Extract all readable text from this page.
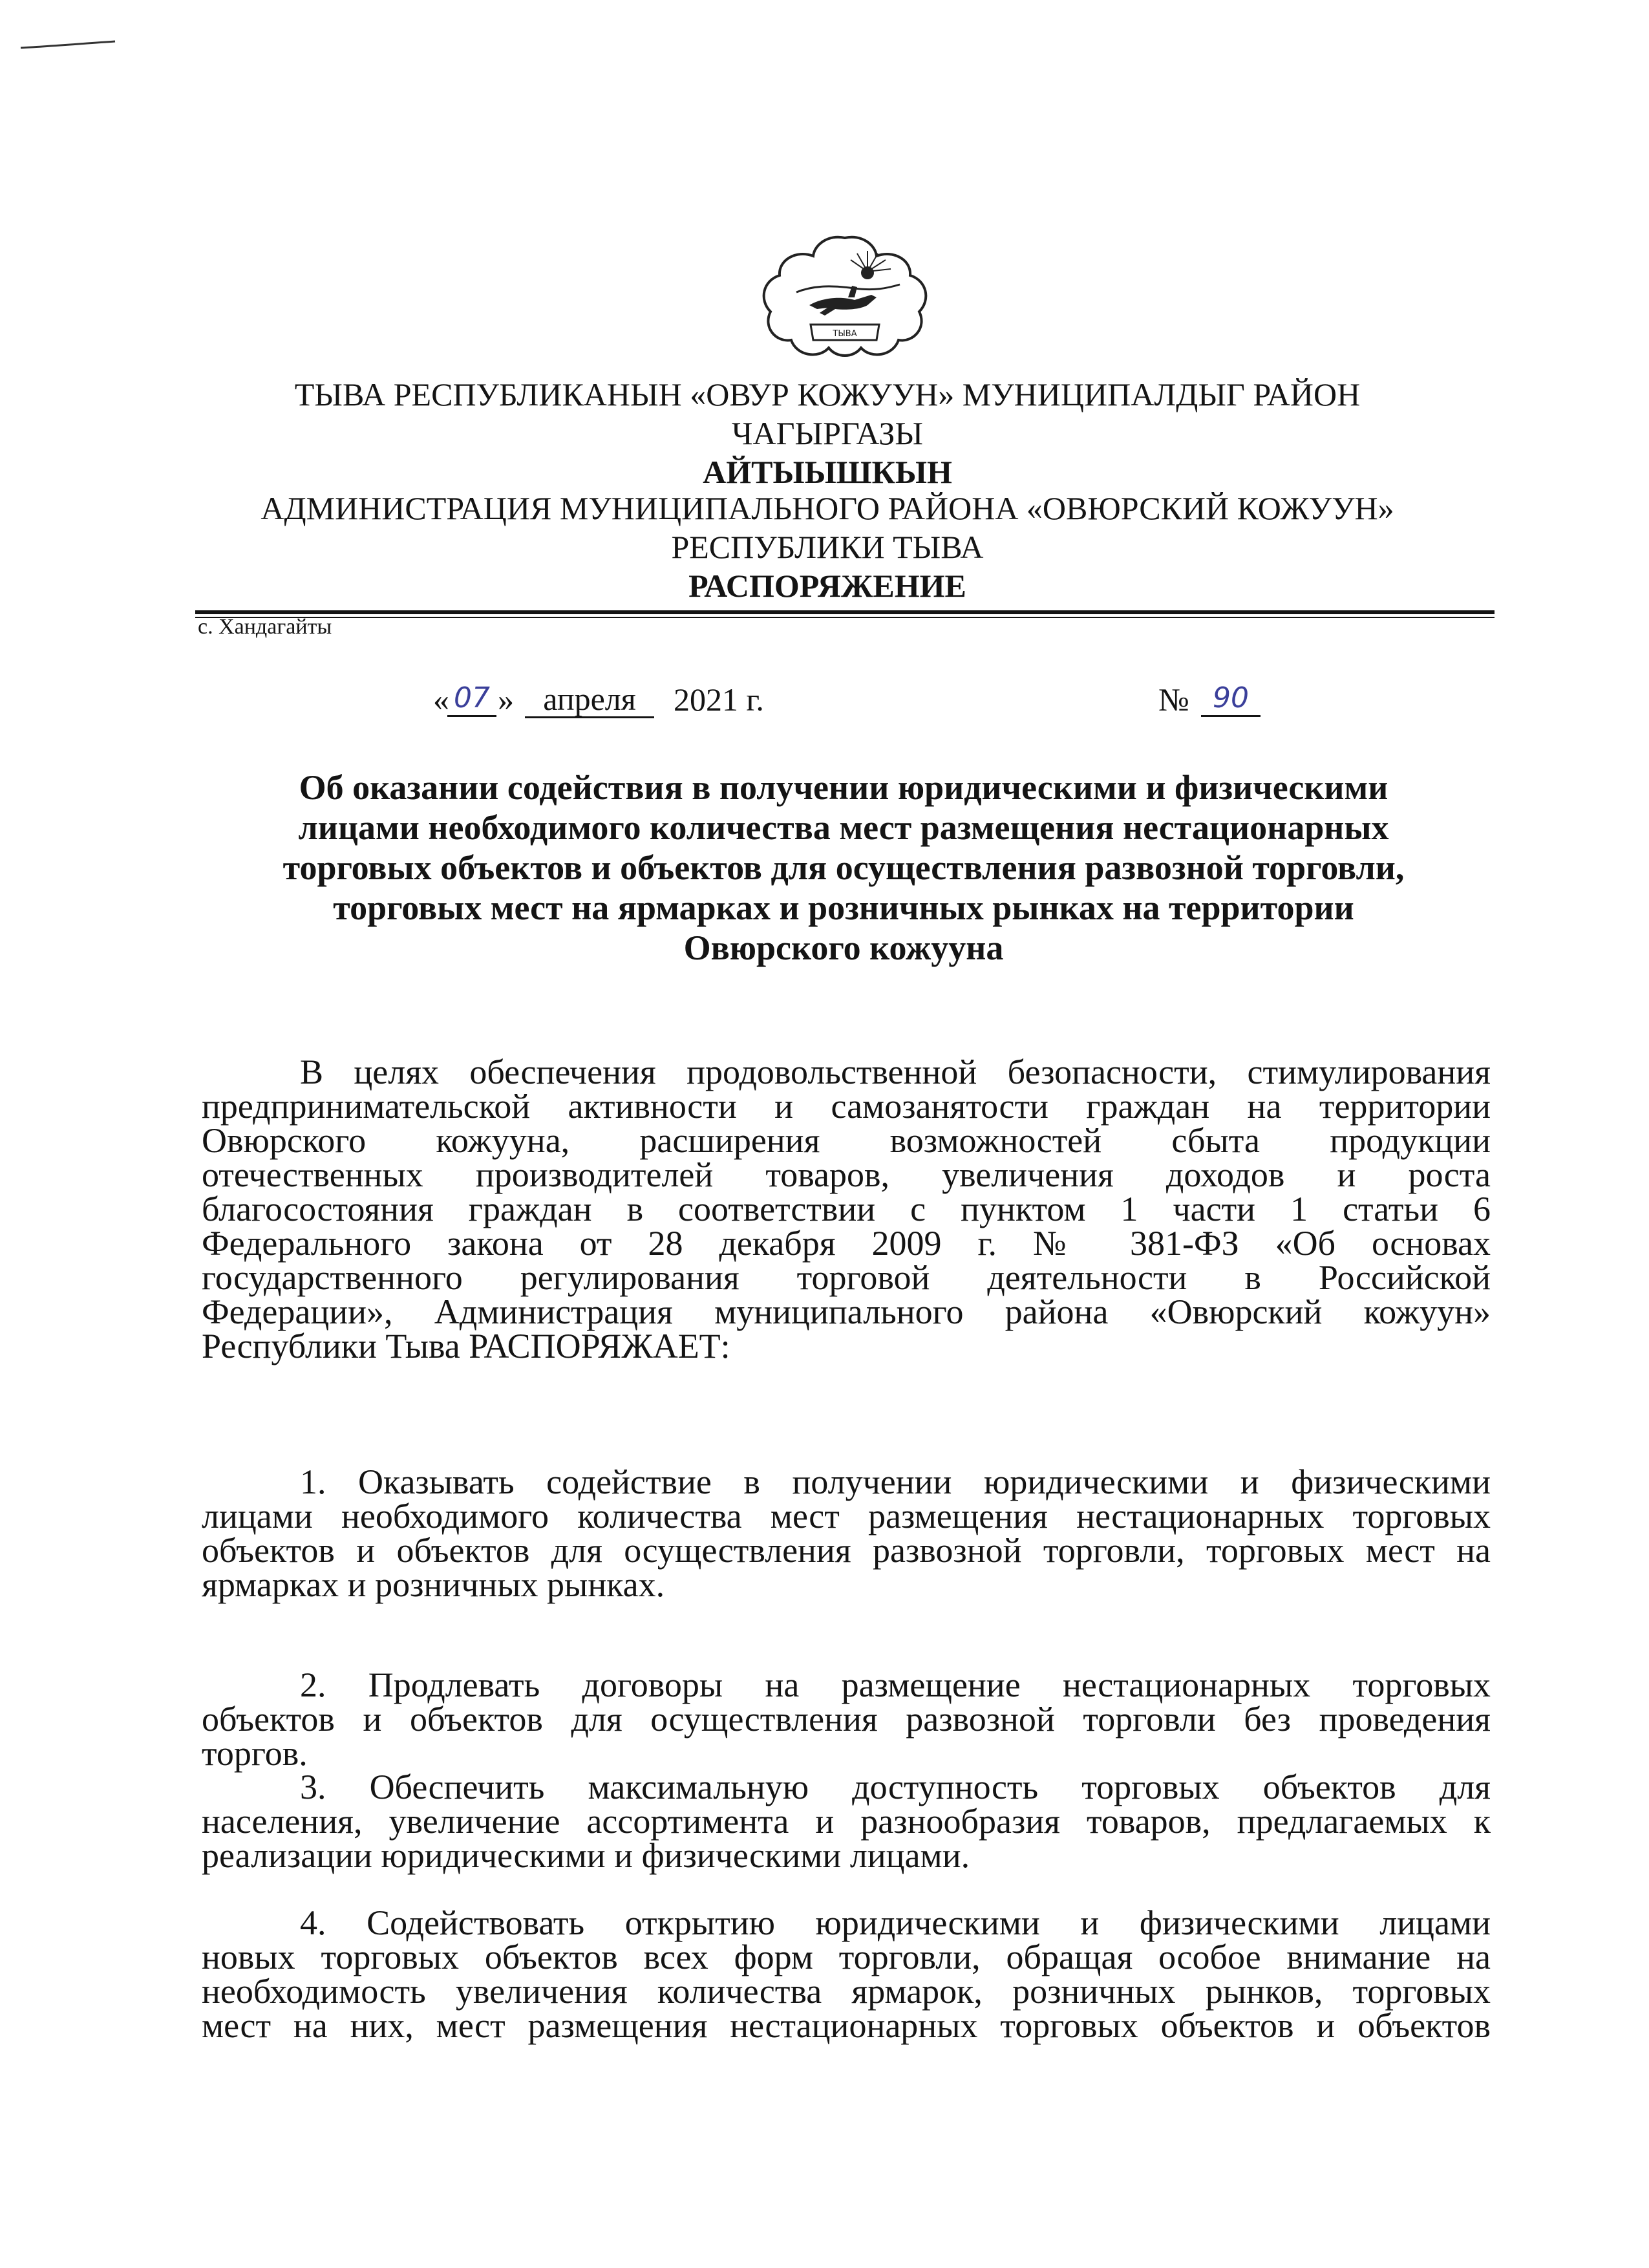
ТЫВА
ТЫВА РЕСПУБЛИКАНЫН «ОВУР КОЖУУН» МУНИЦИПАЛДЫГ РАЙОН
ЧАГЫРГАЗЫ
АЙТЫЫШКЫН
АДМИНИСТРАЦИЯ МУНИЦИПАЛЬНОГО РАЙОНА «ОВЮРСКИЙ КОЖУУН»
РЕСПУБЛИКИ ТЫВА
РАСПОРЯЖЕНИЕ
с. Хандагайты
« 07 » апреля	2021 г.	№ 90
Об оказании содействия в получении юридическими и физическими
лицами необходимого количества мест размещения нестационарных
торговых объектов и объектов для осуществления развозной торговли,
торговых мест на ярмарках и розничных рынках на территории
Овюрского кожууна
В целях обеспечения продовольственной безопасности, стимулирования
предпринимательской активности и самозанятости граждан на территории
Овюрского кожууна, расширения возможностей сбыта продукции
отечественных производителей товаров, увеличения доходов и роста
благосостояния граждан в соответствии с пунктом 1 части 1 статьи 6
Федерального закона от 28 декабря 2009 г. № 381-ФЗ «Об основах
государственного регулирования торговой деятельности в Российской
Федерации», Администрация муниципального района «Овюрский кожуун»
Республики Тыва РАСПОРЯЖАЕТ:
1. Оказывать содействие в получении юридическими и физическими
лицами необходимого количества мест размещения нестационарных торговых
объектов и объектов для осуществления развозной торговли, торговых мест на
ярмарках и розничных рынках.
2. Продлевать договоры на размещение нестационарных торговых
объектов и объектов для осуществления развозной торговли без проведения
торгов.
3. Обеспечить максимальную доступность торговых объектов для
населения, увеличение ассортимента и разнообразия товаров, предлагаемых к
реализации юридическими и физическими лицами.
4. Содействовать открытию юридическими и физическими лицами
новых торговых объектов всех форм торговли, обращая особое внимание на
необходимость увеличения количества ярмарок, розничных рынков, торговых
мест на них, мест размещения нестационарных торговых объектов и объектов
